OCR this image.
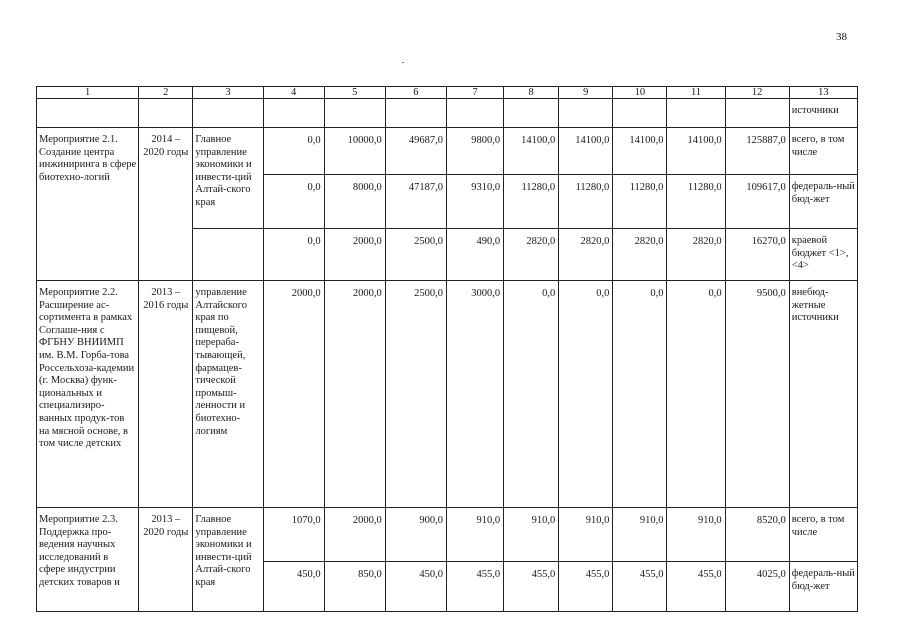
38
1	2	3	4	5	6	7	8	9	10	11	12	13
												источники
Мероприятие 2.1. Создание центра инжиниринга в сфере биотехно-логий	2014 – 2020 годы	Главное управление экономики и инвести-ций Алтай-ского края	0,0	10000,0	49687,0	9800,0	14100,0	14100,0	14100,0	14100,0	125887,0	всего, в том числе
			0,0	8000,0	47187,0	9310,0	11280,0	11280,0	11280,0	11280,0	109617,0	федераль-ный бюд-жет
			0,0	2000,0	2500,0	490,0	2820,0	2820,0	2820,0	2820,0	16270,0	краевой бюджет <1>, <4>
Мероприятие 2.2. Расширение ас-сортимента в рамках Соглаше-ния с ФГБНУ ВНИИМП им. В.М. Горба-това Россельхоза-кадемии (г. Москва) функ-циональных и специализиро-ванных продук-тов на мясной основе, в том числе детских	2013 – 2016 годы	управление Алтайского края по пищевой, перераба-тывающей, фармацев-тической промыш-ленности и биотехно-логиям	2000,0	2000,0	2500,0	3000,0	0,0	0,0	0,0	0,0	9500,0	внебюд-жетные источники
Мероприятие 2.3. Поддержка про-ведения научных исследований в сфере индустрии детских товаров и	2013 – 2020 годы	Главное управление экономики и инвести-ций Алтай-ского края	1070,0	2000,0	900,0	910,0	910,0	910,0	910,0	910,0	8520,0	всего, в том числе
			450,0	850,0	450,0	455,0	455,0	455,0	455,0	455,0	4025,0	федераль-ный бюд-жет
